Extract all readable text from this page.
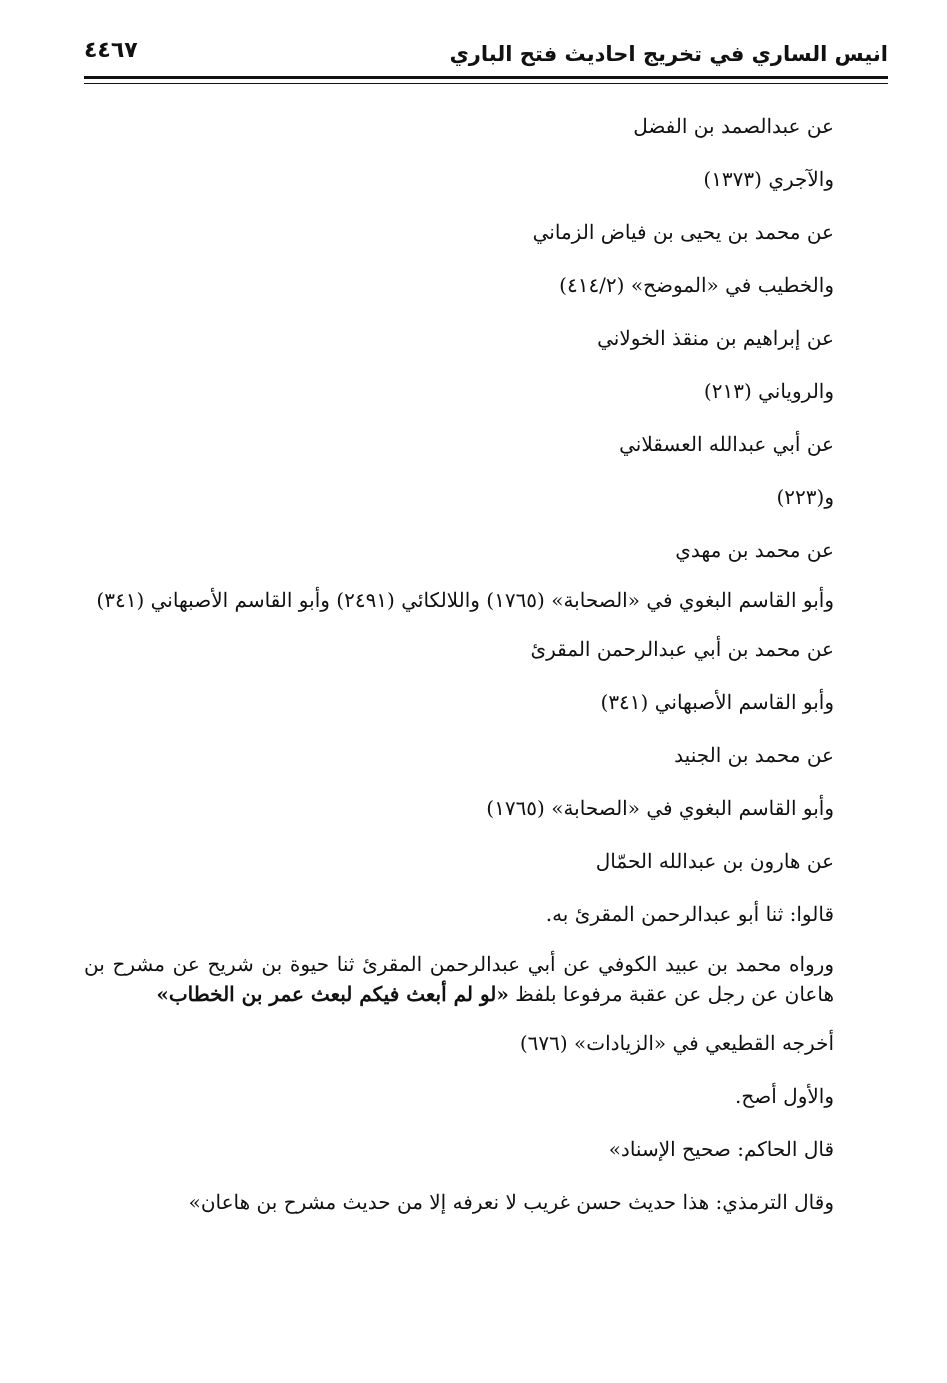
انيس الساري في تخريج احاديث فتح الباري
٤٤٦٧
عن عبدالصمد بن الفضل
والآجري (١٣٧٣)
عن محمد بن يحيى بن فياض الزماني
والخطيب في «الموضح» (٤١٤/٢)
عن إبراهيم بن منقذ الخولاني
والروياني (٢١٣)
عن أبي عبدالله العسقلاني
و(٢٢٣)
عن محمد بن مهدي
وأبو القاسم البغوي في «الصحابة» (١٧٦٥) واللالكائي (٢٤٩١) وأبو القاسم الأصبهاني (٣٤١)
عن محمد بن أبي عبدالرحمن المقرئ
وأبو القاسم الأصبهاني (٣٤١)
عن محمد بن الجنيد
وأبو القاسم البغوي في «الصحابة» (١٧٦٥)
عن هارون بن عبدالله الحمّال
قالوا: ثنا أبو عبدالرحمن المقرئ به.
ورواه محمد بن عبيد الكوفي عن أبي عبدالرحمن المقرئ ثنا حيوة بن شريح عن مشرح بن هاعان عن رجل عن عقبة مرفوعا بلفظ «لو لم أبعث فيكم لبعث عمر بن الخطاب»
أخرجه القطيعي في «الزيادات» (٦٧٦)
والأول أصح.
قال الحاكم: صحيح الإسناد»
وقال الترمذي: هذا حديث حسن غريب لا نعرفه إلا من حديث مشرح بن هاعان»
